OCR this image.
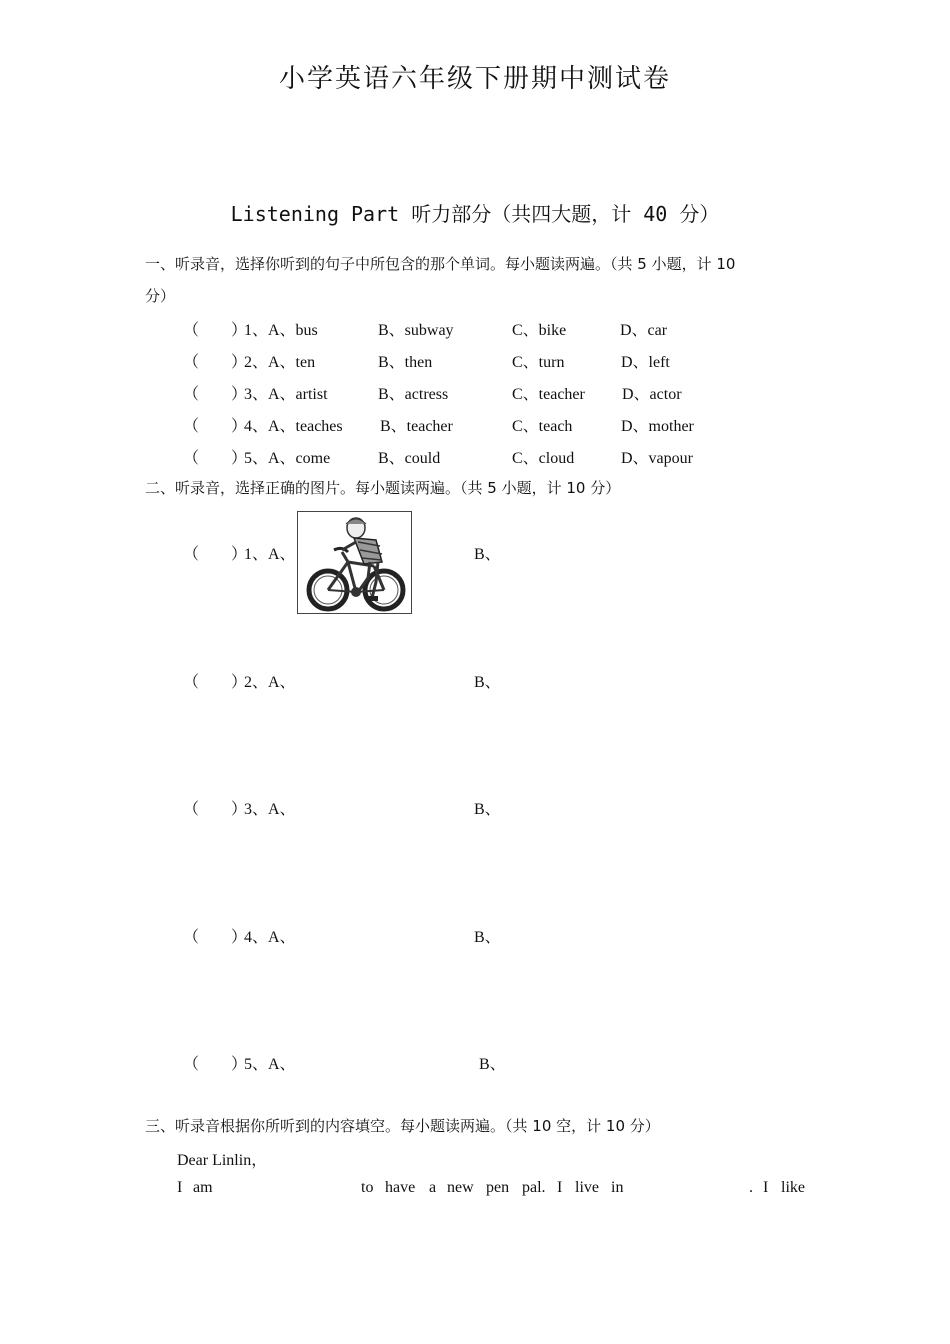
小学英语六年级下册期中测试卷
Listening Part 听力部分（共四大题，计 40 分）
一、听录音，选择你听到的句子中所包含的那个单词。每小题读两遍。（共 5 小题，计 10
分）
（　　）
1、 A、bus	B、subway	C、bike	D、car
（　　）
2、 A、ten	B、then	C、turn	D、left
（　　）
3、 A、artist	B、actress	C、teacher D、actor
（　　）
4、 A、teaches B、teacher	C、teach	D、mother
（　　）
5、 A、come	B、could	C、cloud	D、vapour
二、听录音，选择正确的图片。每小题读两遍。（共 5 小题，计 10 分）
（　　）
1、A、	B、
（　　）
2、A、	B、
（　　）
3、A、	B、
（　　）
4、A、	B、
（　　）
5、A、	B、
三、听录音根据你所听到的内容填空。每小题读两遍。（共 10 空，计 10 分）
Dear Linlin，
I am	to have a new pen pal. I live in	. I like
